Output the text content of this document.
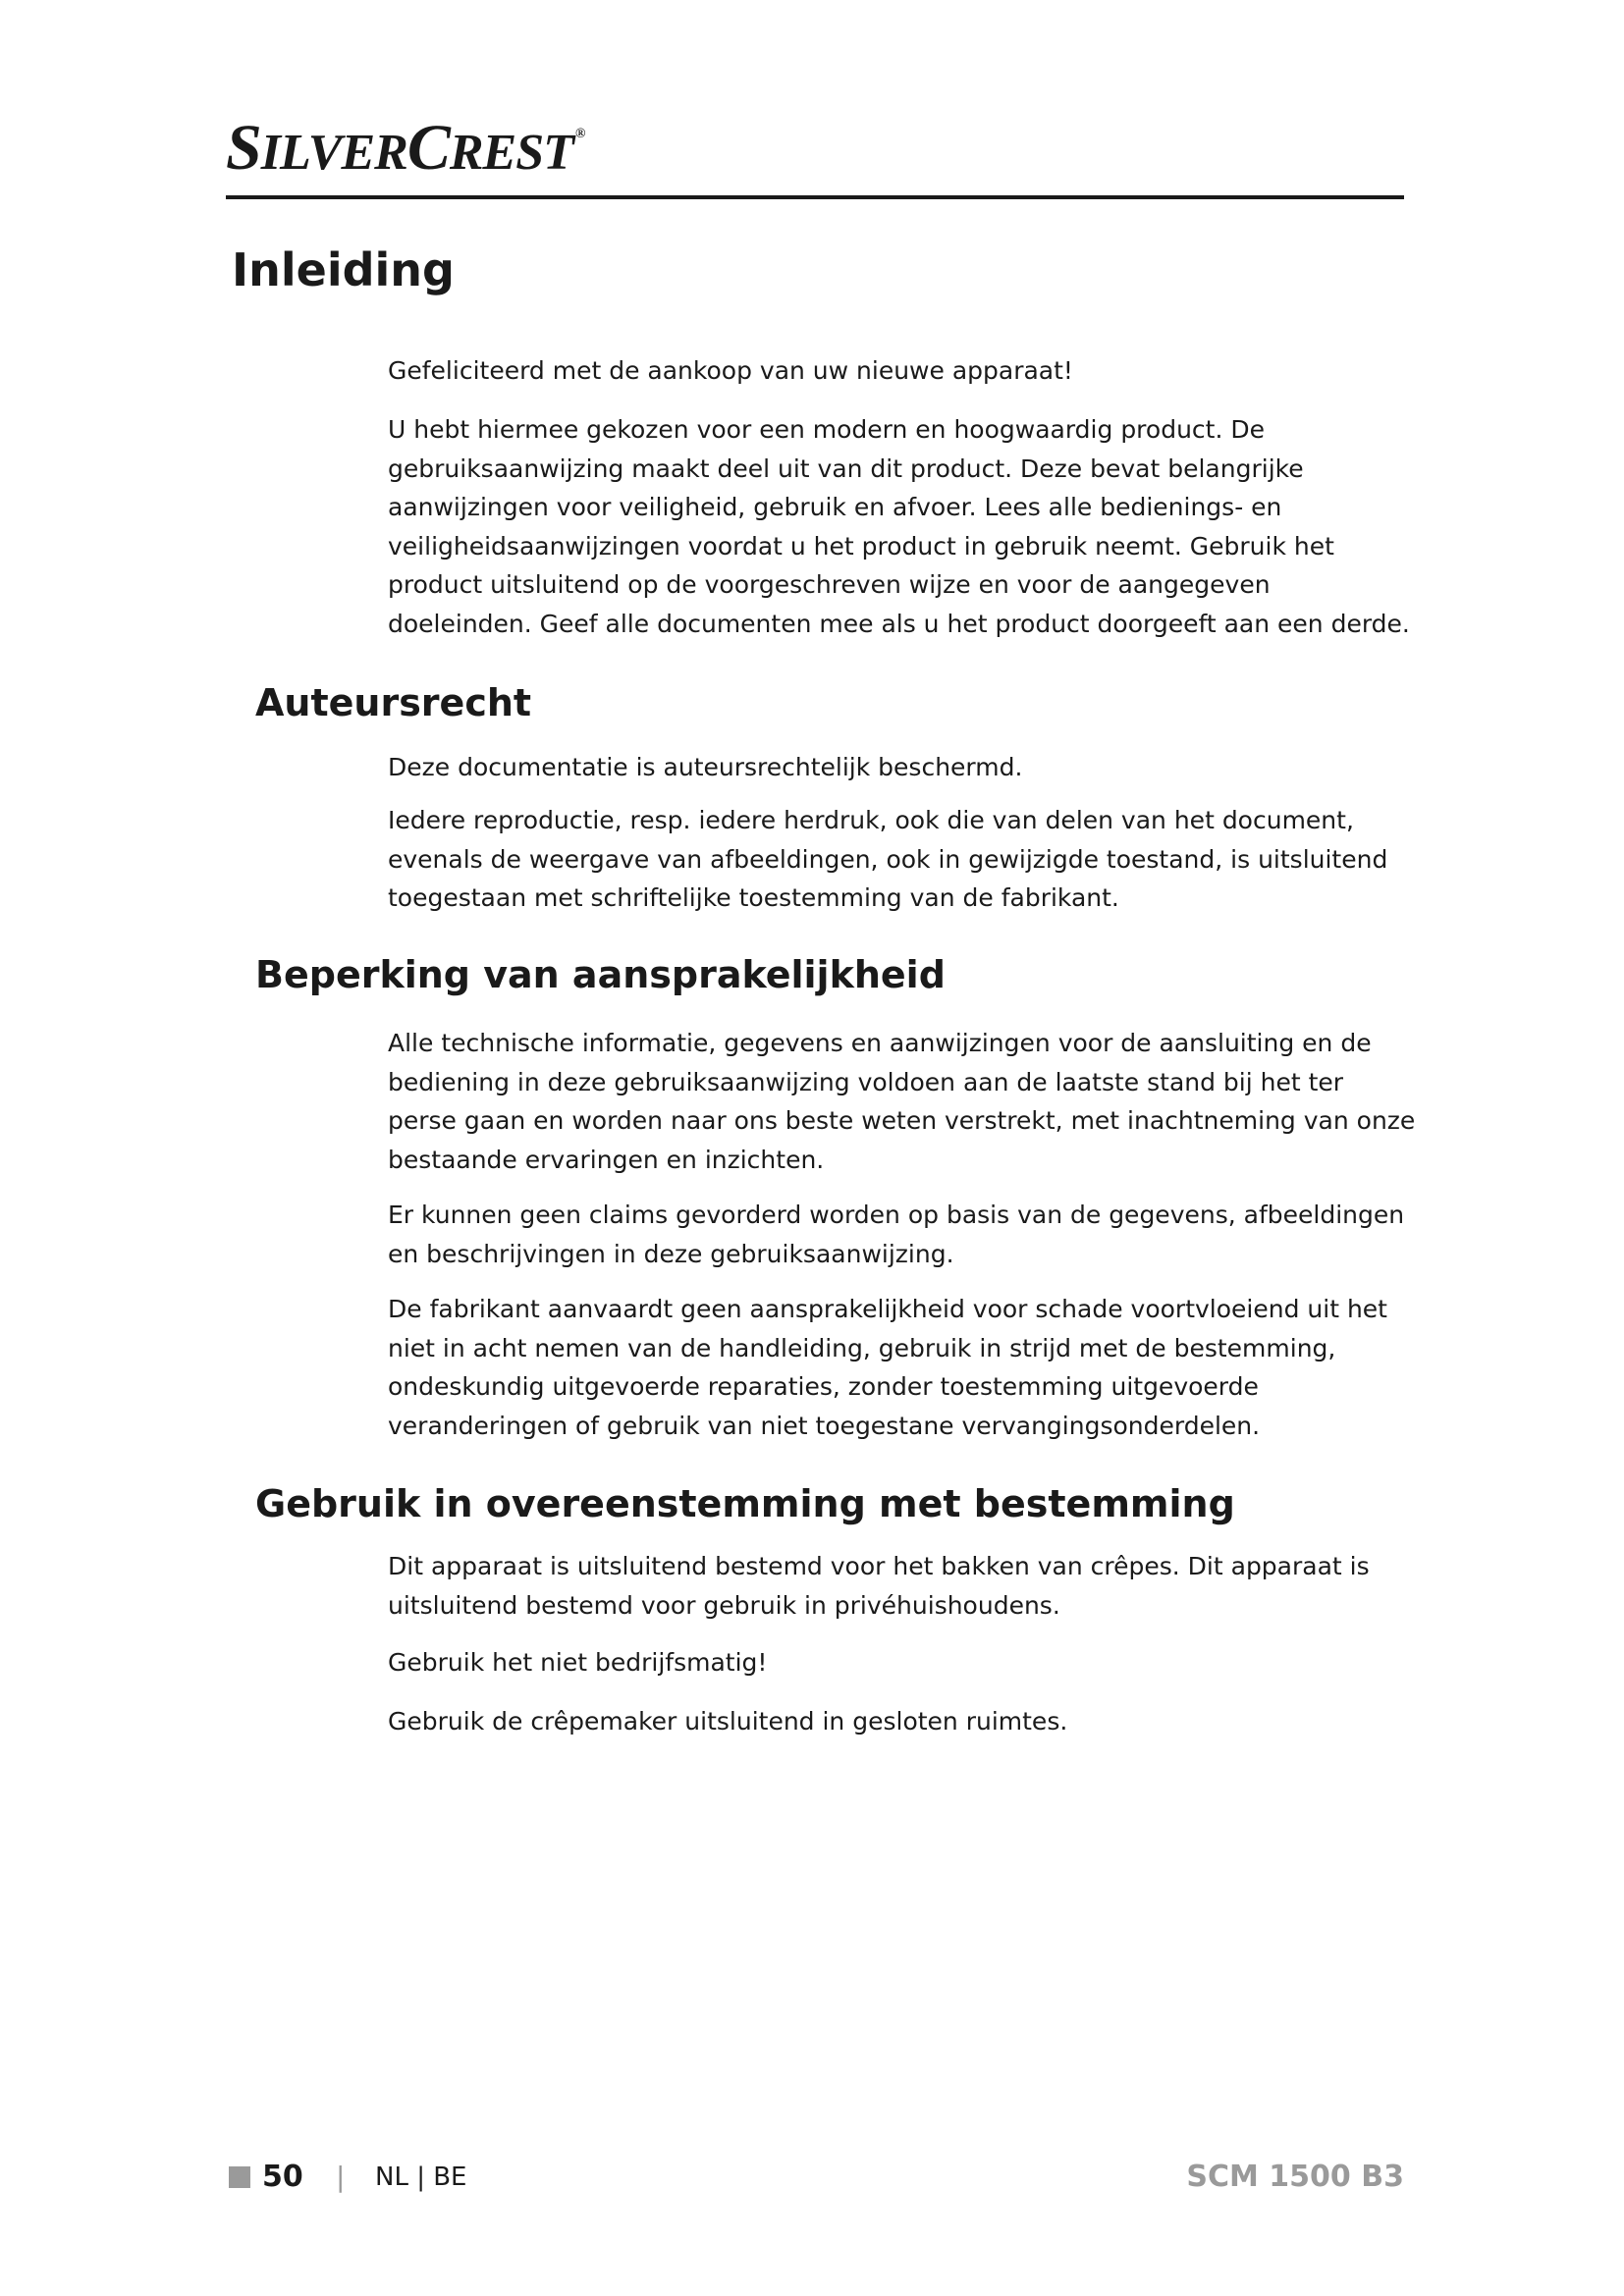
SILVERCREST ®
Inleiding

Gefeliciteerd met de aankoop van uw nieuwe apparaat!

U hebt hiermee gekozen voor een modern en hoogwaardig product. De gebruiksaanwijzing maakt deel uit van dit product. Deze bevat belangrijke aanwijzingen voor veiligheid, gebruik en afvoer. Lees alle bedienings- en veiligheidsaanwijzingen voordat u het product in gebruik neemt. Gebruik het product uitsluitend op de voorgeschreven wijze en voor de aangegeven doeleinden. Geef alle documenten mee als u het product doorgeeft aan een derde.

Auteursrecht

Deze documentatie is auteursrechtelijk beschermd.

Iedere reproductie, resp. iedere herdruk, ook die van delen van het document, evenals de weergave van afbeeldingen, ook in gewijzigde toestand, is uitsluitend toegestaan met schriftelijke toestemming van de fabrikant.

Beperking van aansprakelijkheid

Alle technische informatie, gegevens en aanwijzingen voor de aansluiting en de bediening in deze gebruiksaanwijzing voldoen aan de laatste stand bij het ter perse gaan en worden naar ons beste weten verstrekt, met inachtneming van onze bestaande ervaringen en inzichten.

Er kunnen geen claims gevorderd worden op basis van de gegevens, afbeeldingen en beschrijvingen in deze gebruiksaanwijzing.

De fabrikant aanvaardt geen aansprakelijkheid voor schade voortvloeiend uit het niet in acht nemen van de handleiding, gebruik in strijd met de bestemming, ondeskundig uitgevoerde reparaties, zonder toestemming uitgevoerde veranderingen of gebruik van niet toegestane vervangingsonderdelen.

Gebruik in overeenstemming met bestemming

Dit apparaat is uitsluitend bestemd voor het bakken van crêpes. Dit apparaat is uitsluitend bestemd voor gebruik in privéhuishoudens.

Gebruik het niet bedrijfsmatig!

Gebruik de crêpemaker uitsluitend in gesloten ruimtes.

50 | NL | BE	SCM 1500 B3
